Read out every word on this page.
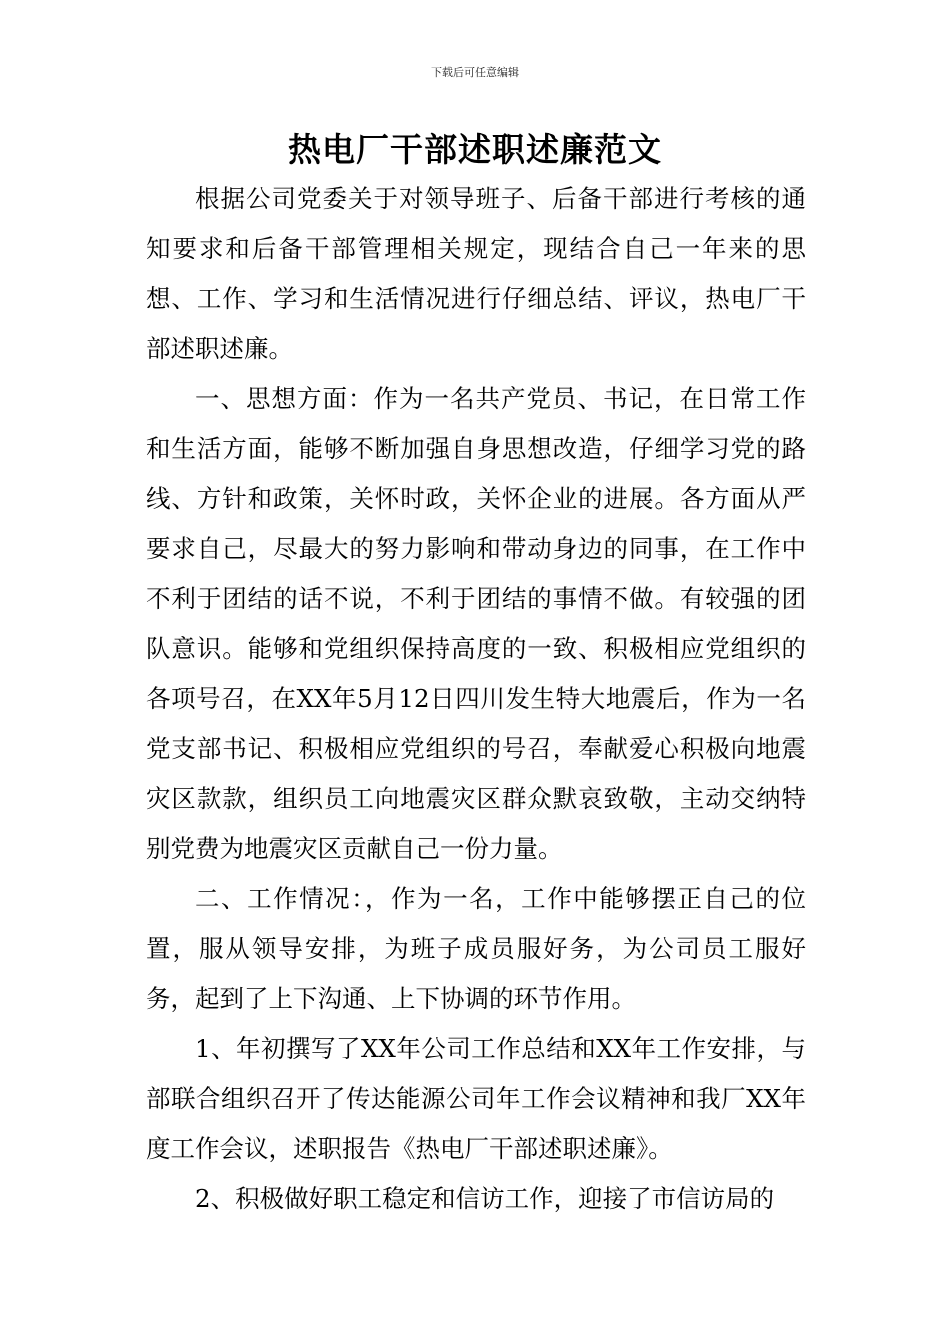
下载后可任意编辑
热电厂干部述职述廉范文

根据公司党委关于对领导班子、后备干部进行考核的通知要求和后备干部管理相关规定，现结合自己一年来的思想、工作、学习和生活情况进行仔细总结、评议，热电厂干部述职述廉。

一、思想方面：作为一名共产党员、书记，在日常工作和生活方面，能够不断加强自身思想改造，仔细学习党的路线、方针和政策，关怀时政，关怀企业的进展。各方面从严要求自己，尽最大的努力影响和带动身边的同事，在工作中不利于团结的话不说，不利于团结的事情不做。有较强的团队意识。能够和党组织保持高度的一致、积极相应党组织的各项号召，在XX年5月12日四川发生特大地震后，作为一名党支部书记、积极相应党组织的号召，奉献爱心积极向地震灾区款款，组织员工向地震灾区群众默哀致敬，主动交纳特别党费为地震灾区贡献自己一份力量。

二、工作情况：，作为一名，工作中能够摆正自己的位置，服从领导安排，为班子成员服好务，为公司员工服好务，起到了上下沟通、上下协调的环节作用。

1、年初撰写了XX年公司工作总结和XX年工作安排，与部联合组织召开了传达能源公司年工作会议精神和我厂XX年度工作会议，述职报告《热电厂干部述职述廉》。

2、积极做好职工稳定和信访工作，迎接了市信访局的
